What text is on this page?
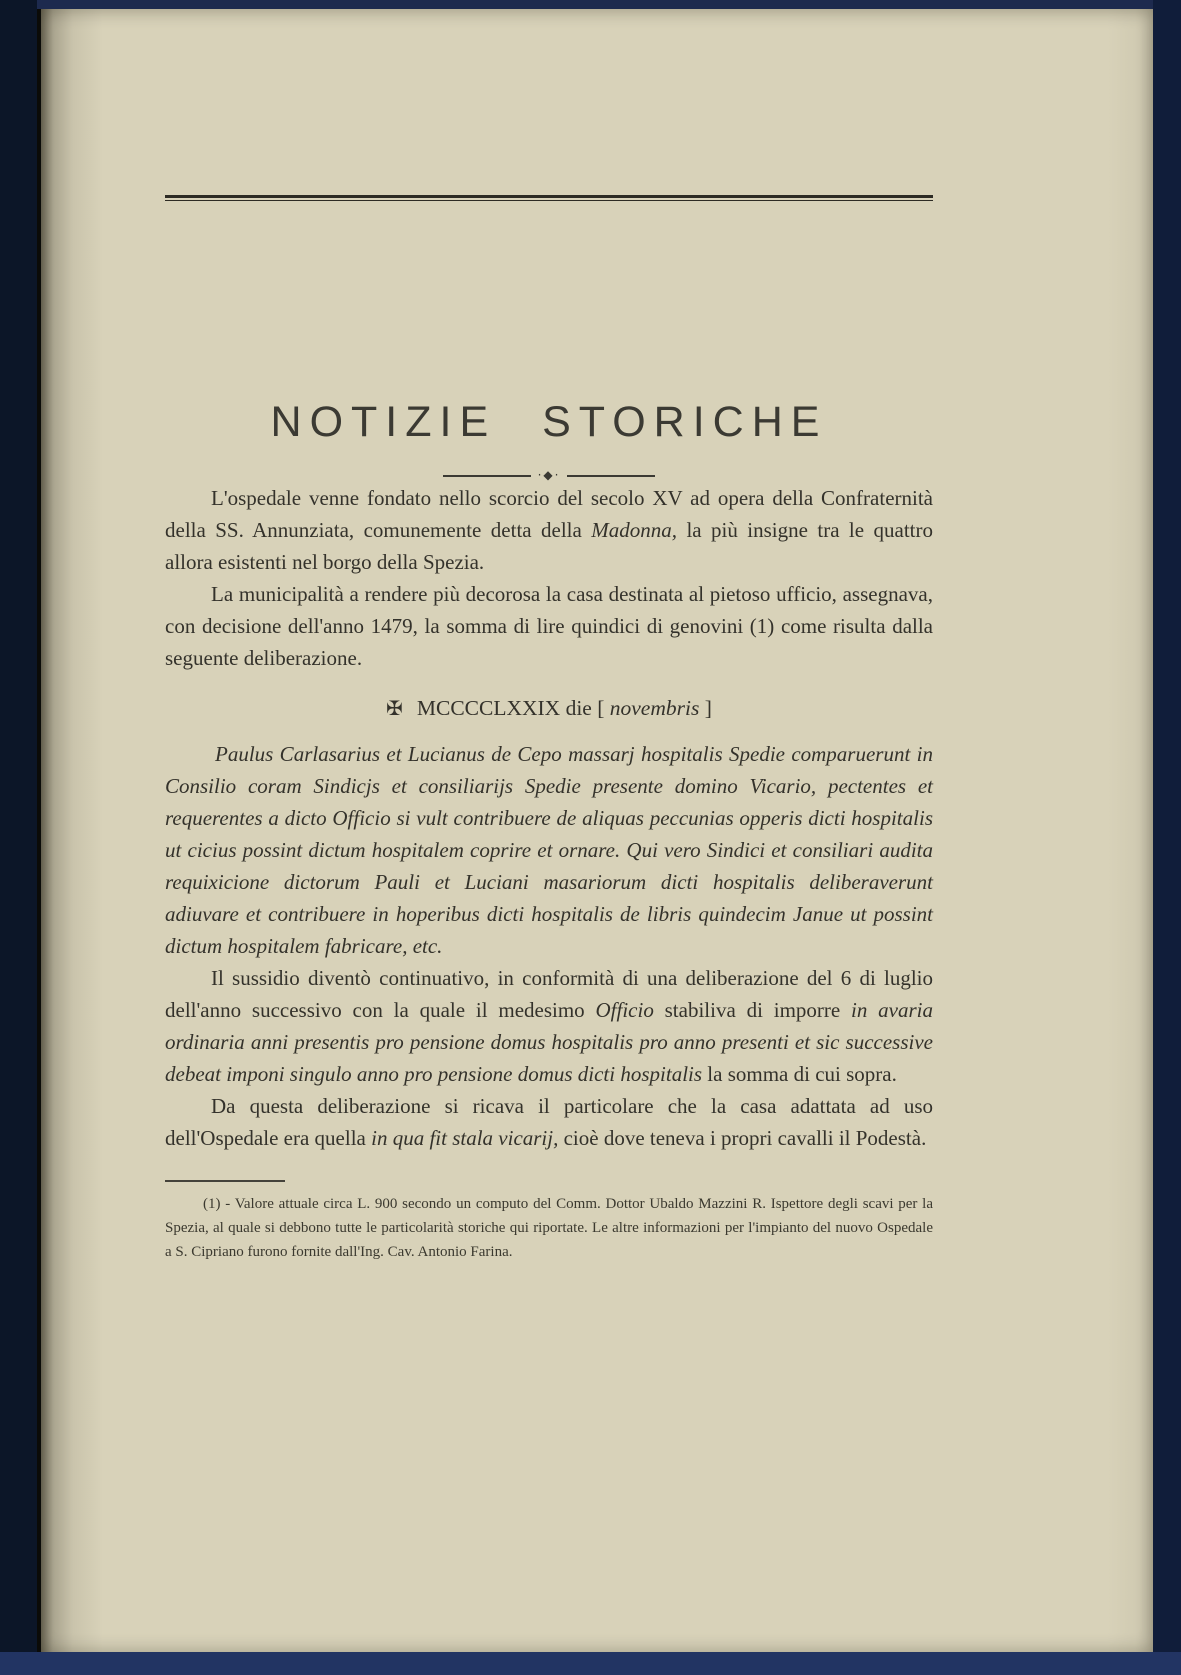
NOTIZIE STORICHE
·◆·

L'ospedale venne fondato nello scorcio del secolo XV ad opera della Confraternità della SS. Annunziata, comunemente detta della Madonna, la più insigne tra le quattro allora esistenti nel borgo della Spezia.

La municipalità a rendere più decorosa la casa destinata al pietoso ufficio, assegnava, con decisione dell'anno 1479, la somma di lire quindici di genovini (1) come risulta dalla seguente deliberazione.

✠ MCCCCLXXIX die [ novembris ]

Paulus Carlasarius et Lucianus de Cepo massarj hospitalis Spedie comparuerunt in Consilio coram Sindicjs et consiliarijs Spedie presente domino Vicario, pectentes et requerentes a dicto Officio si vult contribuere de aliquas peccunias opperis dicti hospitalis ut cicius possint dictum hospitalem coprire et ornare. Qui vero Sindici et consiliari audita requixicione dictorum Pauli et Luciani masariorum dicti hospitalis deliberaverunt adiuvare et contribuere in hoperibus dicti hospitalis de libris quindecim Janue ut possint dictum hospitalem fabricare, etc.

Il sussidio diventò continuativo, in conformità di una deliberazione del 6 di luglio dell'anno successivo con la quale il medesimo Officio stabiliva di imporre in avaria ordinaria anni presentis pro pensione domus hospitalis pro anno presenti et sic successive debeat imponi singulo anno pro pensione domus dicti hospitalis la somma di cui sopra.

Da questa deliberazione si ricava il particolare che la casa adattata ad uso dell'Ospedale era quella in qua fit stala vicarij, cioè dove teneva i propri cavalli il Podestà.

(1) - Valore attuale circa L. 900 secondo un computo del Comm. Dottor Ubaldo Mazzini R. Ispettore degli scavi per la Spezia, al quale si debbono tutte le particolarità storiche qui riportate. Le altre informazioni per l'impianto del nuovo Ospedale a S. Cipriano furono fornite dall'Ing. Cav. Antonio Farina.
